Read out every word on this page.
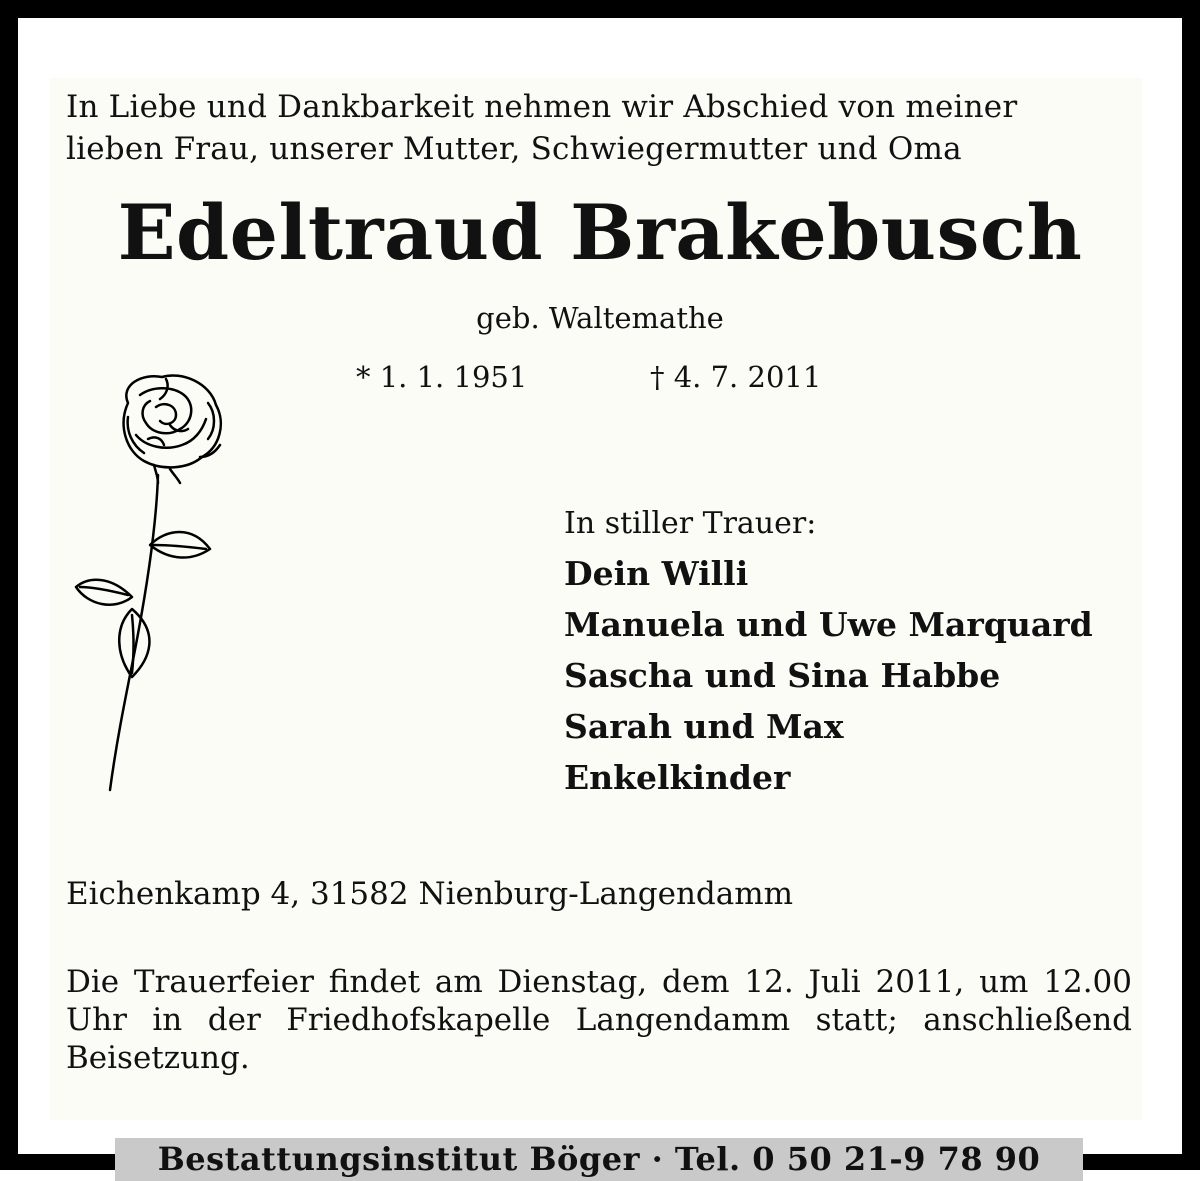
In Liebe und Dankbarkeit nehmen wir Abschied von meiner
lieben Frau, unserer Mutter, Schwiegermutter und Oma
Edeltraud Brakebusch
geb. Waltemathe
* 1. 1. 1951	† 4. 7. 2011
In stiller Trauer:
Dein Willi
Manuela und Uwe Marquard
Sascha und Sina Habbe
Sarah und Max
Enkelkinder
Eichenkamp 4, 31582 Nienburg-Langendamm
Die Trauerfeier findet am Dienstag, dem 12. Juli 2011, um 12.00 Uhr in der Friedhofskapelle Langendamm statt; anschließend Beisetzung.
Bestattungsinstitut Böger · Tel. 0 50 21-9 78 90
